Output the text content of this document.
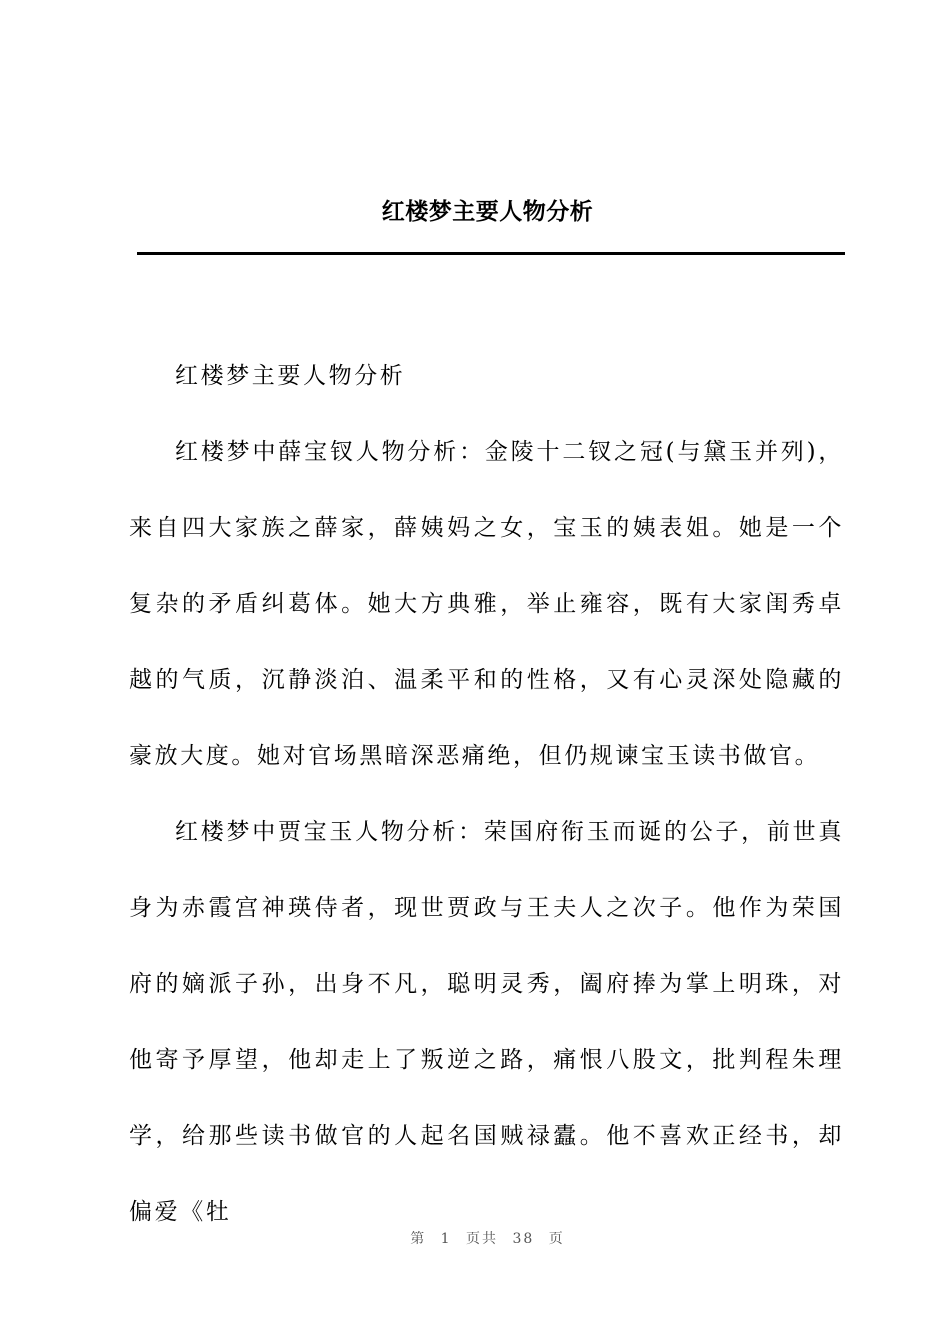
红楼梦主要人物分析

红楼梦主要人物分析

红楼梦中薛宝钗人物分析：金陵十二钗之冠(与黛玉并列)，来自四大家族之薛家，薛姨妈之女，宝玉的姨表姐。她是一个复杂的矛盾纠葛体。她大方典雅，举止雍容，既有大家闺秀卓越的气质，沉静淡泊、温柔平和的性格，又有心灵深处隐藏的豪放大度。她对官场黑暗深恶痛绝，但仍规谏宝玉读书做官。

红楼梦中贾宝玉人物分析：荣国府衔玉而诞的公子，前世真身为赤霞宫神瑛侍者，现世贾政与王夫人之次子。他作为荣国府的嫡派子孙，出身不凡，聪明灵秀，阖府捧为掌上明珠，对他寄予厚望，他却走上了叛逆之路，痛恨八股文，批判程朱理学，给那些读书做官的人起名国贼禄蠹。他不喜欢正经书，却偏爱《牡

第 1 页共 38 页
